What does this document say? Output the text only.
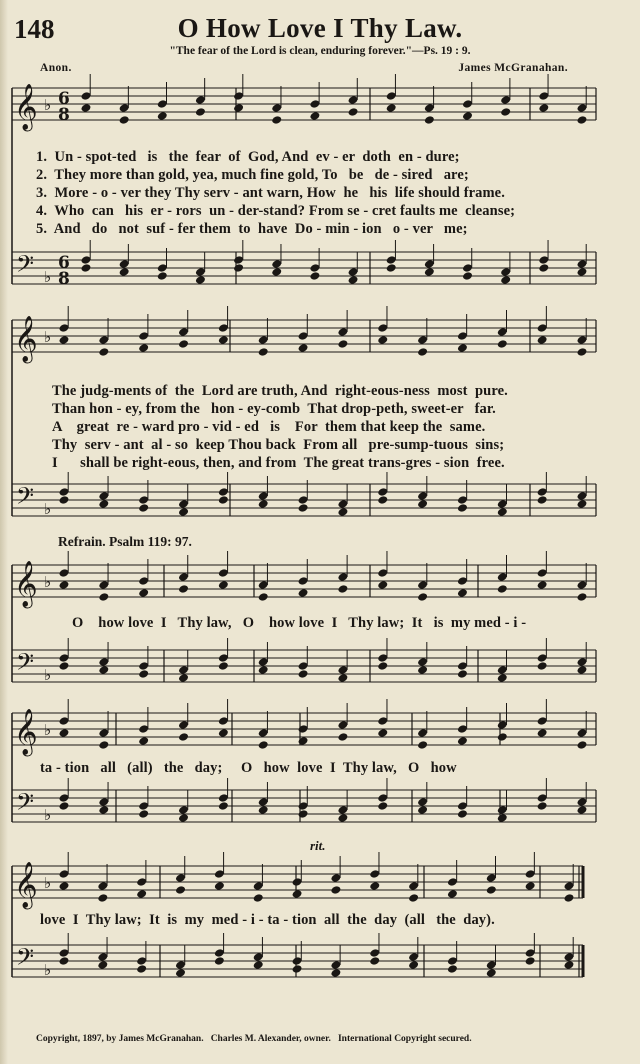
148	O How Love I Thy Law.
"The fear of the Lord is clean, enduring forever."—Ps. 19 : 9.
Anon.	James McGranahan.
𝄞
𝄢
♭
♭
6
8
6
8
𝄞
𝄢
♭
♭
𝄞
𝄢
♭
♭
𝄞
𝄢
♭
♭
𝄞
𝄢
♭
♭
1.  Un - spot-ted   is   the  fear  of  God, And  ev - er  doth  en - dure;
2.  They more than gold, yea, much fine gold, To   be   de - sired   are;
3.  More - o - ver they Thy serv - ant warn, How  he   his  life should frame.
4.  Who  can   his  er - rors  un - der-stand? From se - cret faults me  cleanse;
5.  And   do   not  suf - fer them  to  have  Do - min - ion   o - ver   me;
The judg-ments of  the  Lord are truth, And  right-eous-ness  most  pure.
Than hon - ey, from the   hon - ey-comb  That drop-peth, sweet-er   far.
A    great  re - ward pro - vid - ed   is    For  them that keep the  same.
Thy  serv - ant  al - so  keep Thou back  From all   pre-sump-tuous  sins;
I      shall be right-eous, then, and from  The great trans-gres - sion  free.
Refrain. Psalm 119: 97.
O    how love  I   Thy law,   O    how love  I   Thy law;  It   is  my med - i -
ta - tion   all   (all)   the   day;     O   how  love  I  Thy law,   O   how
rit.
love  I  Thy law;  It  is  my  med - i - ta - tion  all  the  day  (all   the  day).
Copyright, 1897, by James McGranahan.   Charles M. Alexander, owner.   International Copyright secured.
